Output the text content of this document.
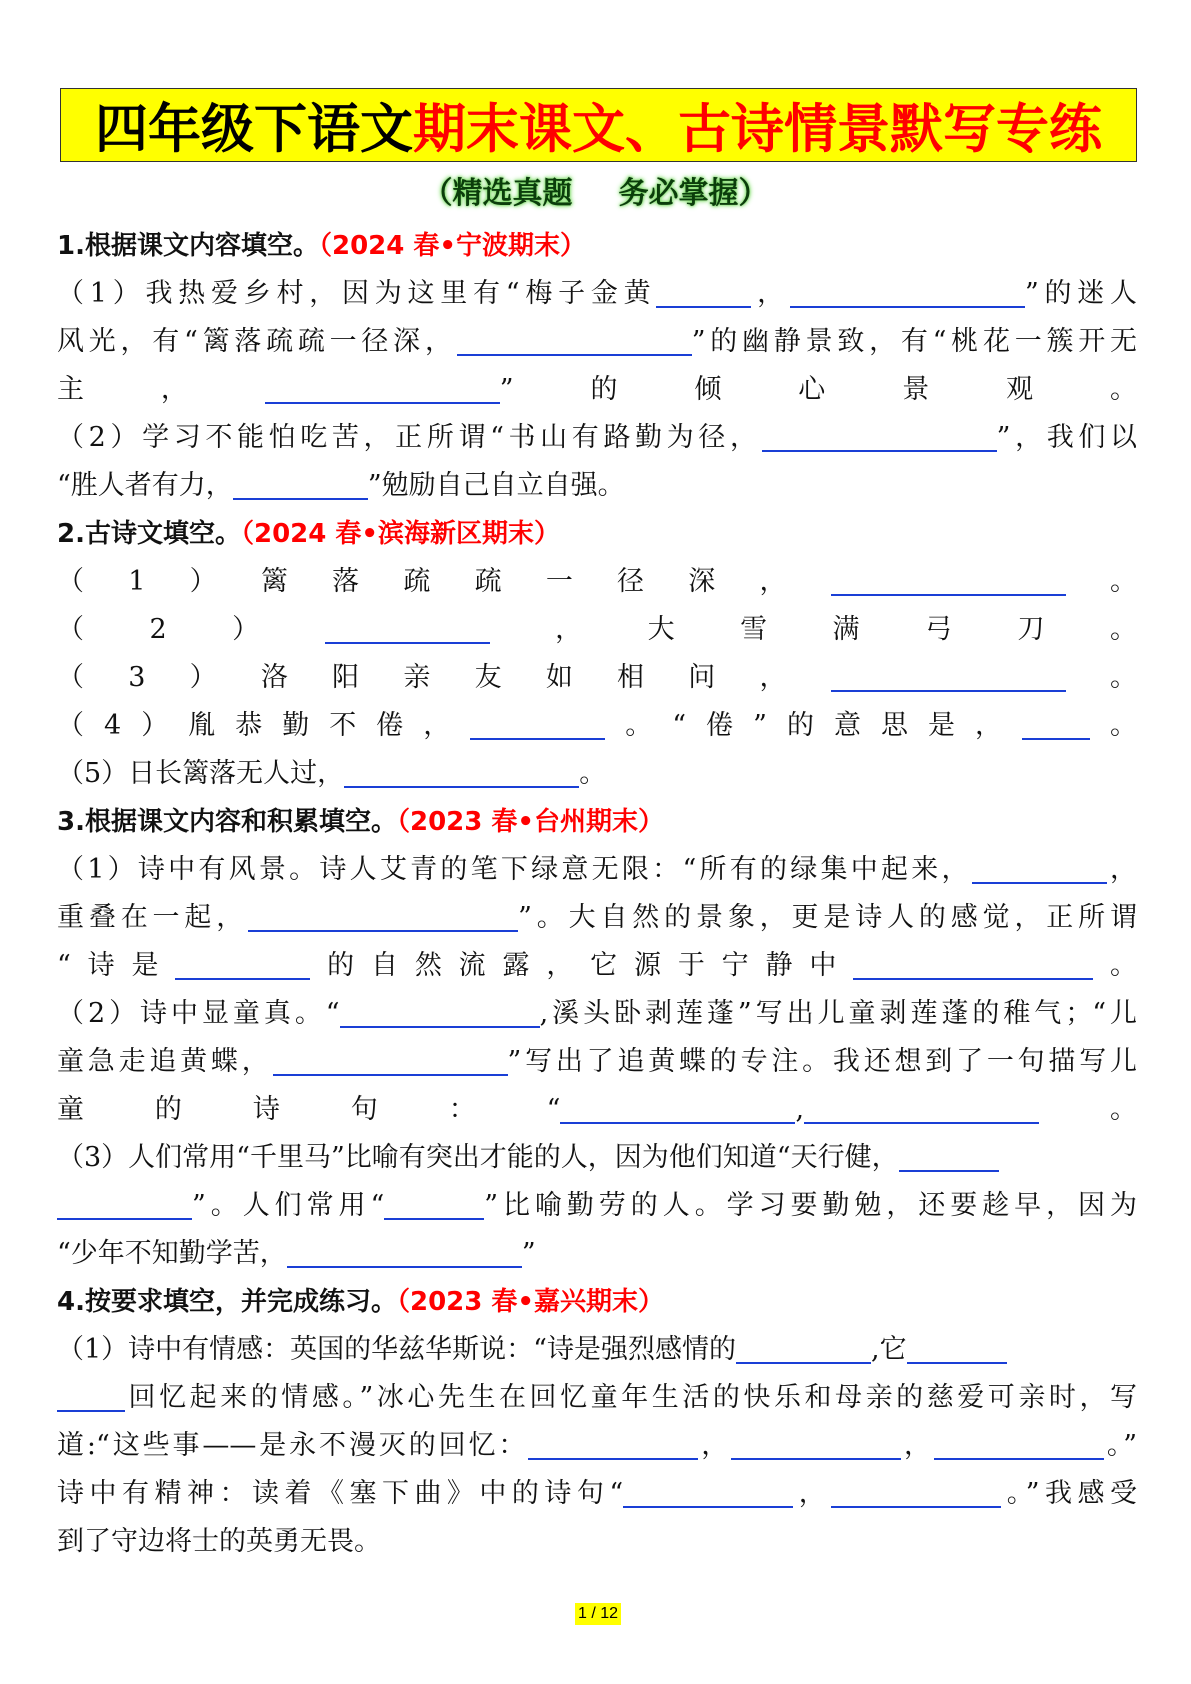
四年级下语文 期末课文、古诗情景默写专练
（精选真题 务必掌握）
1.根据课文内容填空。（2024 春•宁波期末）
（1）我热爱乡村，因为这里有“梅子金黄	，	”的迷人
风光，有“篱落疏疏一径深，	”的幽静景致，有“桃花一簇开无
主，	”的倾心景观。
（2）学习不能怕吃苦，正所谓“书山有路勤为径，	”，我们以
“胜人者有力，	”勉励自己自立自强。
2.古诗文填空。（2024 春•滨海新区期末）
（1）篱落疏疏一径深，	。
（2）	，大雪满弓刀。
（3）洛阳亲友如相问，	。
（4）胤恭勤不倦，	。“倦”的意思是，	。
（5）日长篱落无人过，	。
3.根据课文内容和积累填空。（2023 春•台州期末）
（1）诗中有风景。诗人艾青的笔下绿意无限：“所有的绿集中起来，	，
重叠在一起，	”。大自然的景象，更是诗人的感觉，正所谓
“诗是	的自然流露，它源于宁静中	。
（2）诗中显童真。“	,溪头卧剥莲蓬”写出儿童剥莲蓬的稚气；“儿
童急走追黄蝶，	”写出了追黄蝶的专注。我还想到了一句描写儿
童的诗句：“	,	。
（3）人们常用“千里马”比喻有突出才能的人，因为他们知道“天行健，
”。人们常用“	”比喻勤劳的人。学习要勤勉，还要趁早，因为
“少年不知勤学苦，	”
4.按要求填空，并完成练习。（2023 春•嘉兴期末）
（1）诗中有情感：英国的华兹华斯说：“诗是强烈感情的	,它
回忆起来的情感。”冰心先生在回忆童年生活的快乐和母亲的慈爱可亲时，写
道:“这些事——是永不漫灭的回忆：	，	，	。”
诗中有精神：读着《塞下曲》中的诗句“	，	。”我感受
到了守边将士的英勇无畏。
1 / 12
